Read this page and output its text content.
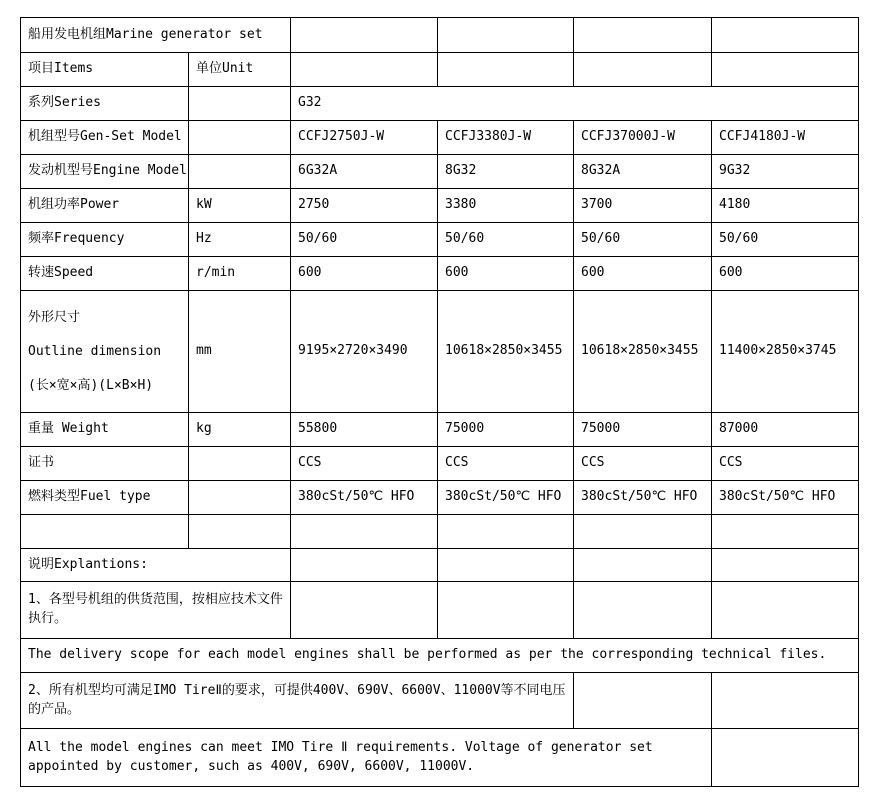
船用发电机组Marine generator set					
项目Items	单位Unit				
系列Series		G32			
机组型号Gen-Set Model		CCFJ2750J-W	CCFJ3380J-W	CCFJ37000J-W	CCFJ4180J-W
发动机型号Engine Model		6G32A	8G32	8G32A	9G32
机组功率Power	kW	2750	3380	3700	4180
频率Frequency	Hz	50/60	50/60	50/60	50/60
转速Speed	r/min	600	600	600	600

外形尺寸
Outline dimension
(长×宽×高)(L×B×H)	mm	9195×2720×3490	10618×2850×3455	10618×2850×3455	11400×2850×3745
重量 Weight	kg	55800	75000	75000	87000
证书		CCS	CCS	CCS	CCS
燃料类型Fuel type		380cSt/50℃ HFO	380cSt/50℃ HFO	380cSt/50℃ HFO	380cSt/50℃ HFO

说明Explantions:					
1、各型号机组的供货范围，按相应技术文件执行。					
The delivery scope for each model engines shall be performed as per the corresponding technical files.					
2、所有机型均可满足IMO TireⅡ的要求，可提供400V、690V、6600V、11000V等不同电压的产品。					
All the model engines can meet IMO Tire Ⅱ requirements. Voltage of generator set appointed by customer, such as 400V, 690V, 6600V, 11000V.					
